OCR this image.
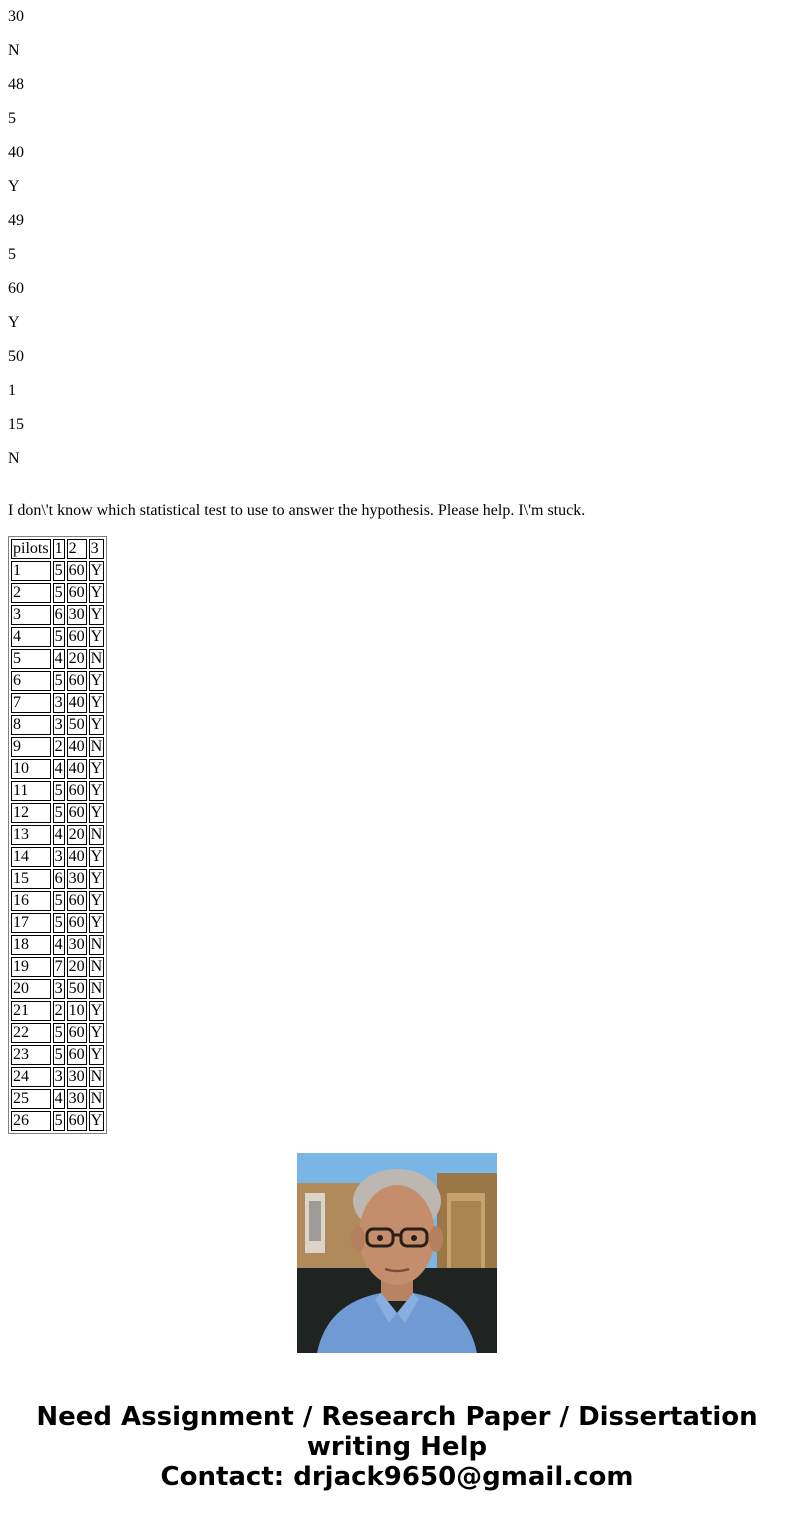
30

N

48

5

40

Y

49

5

60

Y

50

1

15

N

I don\'t know which statistical test to use to answer the hypothesis. Please help. I\'m stuck.

pilots	1	2	3
1	5	60	Y
2	5	60	Y
3	6	30	Y
4	5	60	Y
5	4	20	N
6	5	60	Y
7	3	40	Y
8	3	50	Y
9	2	40	N
10	4	40	Y
11	5	60	Y
12	5	60	Y
13	4	20	N
14	3	40	Y
15	6	30	Y
16	5	60	Y
17	5	60	Y
18	4	30	N
19	7	20	N
20	3	50	N
21	2	10	Y
22	5	60	Y
23	5	60	Y
24	3	30	N
25	4	30	N
26	5	60	Y
Need Assignment / Research Paper / Dissertation
writing Help
Contact: drjack9650@gmail.com
